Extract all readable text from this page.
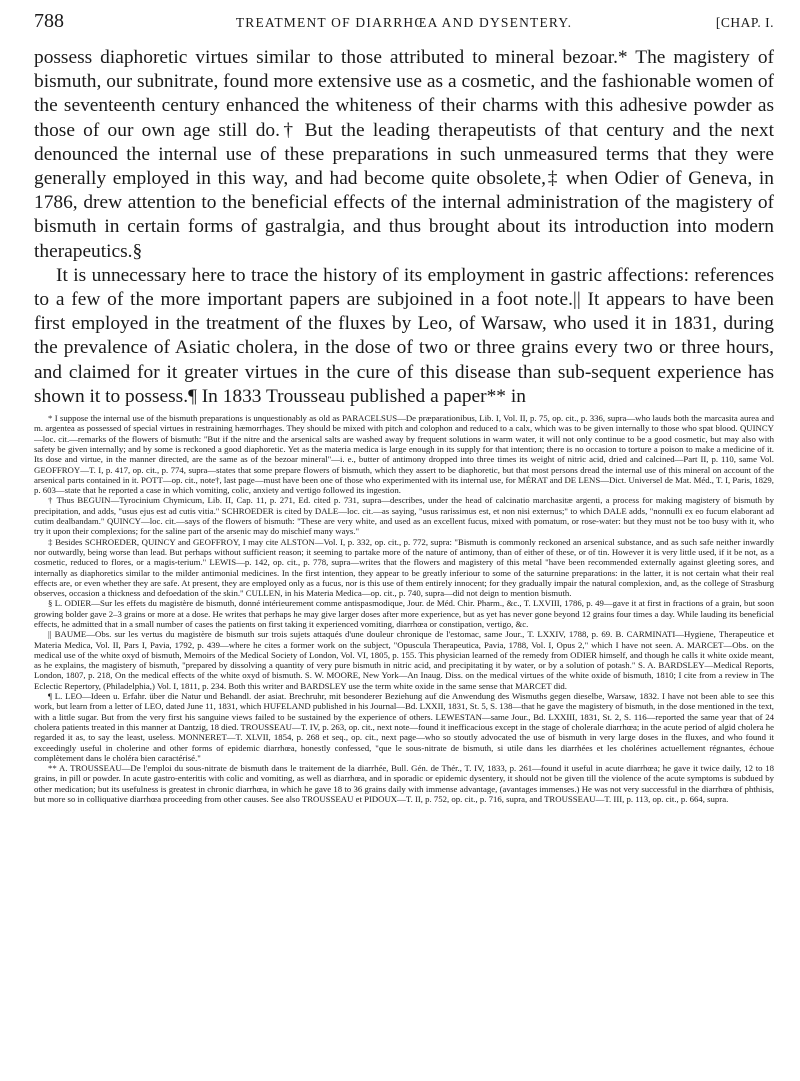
788	TREATMENT OF DIARRHŒA AND DYSENTERY.	[CHAP. I.

possess diaphoretic virtues similar to those attributed to mineral bezoar.* The magistery of bismuth, our subnitrate, found more extensive use as a cosmetic, and the fashionable women of the seventeenth century enhanced the whiteness of their charms with this adhesive powder as those of our own age still do.† But the leading therapeutists of that century and the next denounced the internal use of these preparations in such unmeasured terms that they were generally employed in this way, and had become quite obsolete,‡ when Odier of Geneva, in 1786, drew attention to the beneficial effects of the internal administration of the magistery of bismuth in certain forms of gastralgia, and thus brought about its introduction into modern therapeutics.§

It is unnecessary here to trace the history of its employment in gastric affections: references to a few of the more important papers are subjoined in a foot note.|| It appears to have been first employed in the treatment of the fluxes by Leo, of Warsaw, who used it in 1831, during the prevalence of Asiatic cholera, in the dose of two or three grains every two or three hours, and claimed for it greater virtues in the cure of this disease than sub-sequent experience has shown it to possess.¶ In 1833 Trousseau published a paper** in

* I suppose the internal use of the bismuth preparations is unquestionably as old as PARACELSUS—De præparationibus, Lib. I, Vol. II, p. 75, op. cit., p. 336, supra—who lauds both the marcasita aurea and m. argentea as possessed of special virtues in restraining hæmorrhages. They should be mixed with pitch and colophon and reduced to a calx, which was to be given internally to those who spat blood. QUINCY—loc. cit.—remarks of the flowers of bismuth: "But if the nitre and the arsenical salts are washed away by frequent solutions in warm water, it will not only continue to be a good cosmetic, but may also with safety be given internally; and by some is reckoned a good diaphoretic. Yet as the materia medica is large enough in its supply for that intention; there is no occasion to torture a poison to make a medicine of it. Its dose and virtue, in the manner directed, are the same as of the bezoar mineral"—i. e., butter of antimony dropped into three times its weight of nitric acid, dried and calcined—Part II, p. 110, same Vol. GEOFFROY—T. I, p. 417, op. cit., p. 774, supra—states that some prepare flowers of bismuth, which they assert to be diaphoretic, but that most persons dread the internal use of this mineral on account of the arsenical parts contained in it. POTT—op. cit., note†, last page—must have been one of those who experimented with its internal use, for MÉRAT and DE LENS—Dict. Universel de Mat. Méd., T. I, Paris, 1829, p. 603—state that he reported a case in which vomiting, colic, anxiety and vertigo followed its ingestion.

† Thus BEGUIN—Tyrocinium Chymicum, Lib. II, Cap. 11, p. 271, Ed. cited p. 731, supra—describes, under the head of calcinatio marchasitæ argenti, a process for making magistery of bismuth by precipitation, and adds, "usus ejus est ad cutis vitia." SCHROEDER is cited by DALE—loc. cit.—as saying, "usus rarissimus est, et non nisi externus;" to which DALE adds, "nonnulli ex eo fucum elaborant ad cutim dealbandam." QUINCY—loc. cit.—says of the flowers of bismuth: "These are very white, and used as an excellent fucus, mixed with pomatum, or rose-water: but they must not be too busy with it, who try it upon their complexions; for the saline part of the arsenic may do mischief many ways."

‡ Besides SCHROEDER, QUINCY and GEOFFROY, I may cite ALSTON—Vol. I, p. 332, op. cit., p. 772, supra: "Bismuth is commonly reckoned an arsenical substance, and as such safe neither inwardly nor outwardly, being worse than lead. But perhaps without sufficient reason; it seeming to partake more of the nature of antimony, than of either of these, or of tin. However it is very little used, if it be not, as a cosmetic, reduced to flores, or a magis-terium." LEWIS—p. 142, op. cit., p. 778, supra—writes that the flowers and magistery of this metal "have been recommended externally against gleeting sores, and internally as diaphoretics similar to the milder antimonial medicines. In the first intention, they appear to be greatly inferiour to some of the saturnine preparations: in the latter, it is not certain what their real effects are, or even whether they are safe. At present, they are employed only as a fucus, nor is this use of them entirely innocent; for they gradually impair the natural complexion, and, as the college of Strasburg observes, occasion a thickness and defoedation of the skin." CULLEN, in his Materia Medica—op. cit., p. 740, supra—did not deign to mention bismuth.

§ L. ODIER—Sur les effets du magistère de bismuth, donné intérieurement comme antispasmodique, Jour. de Méd. Chir. Pharm., &c., T. LXVIII, 1786, p. 49—gave it at first in fractions of a grain, but soon growing bolder gave 2–3 grains or more at a dose. He writes that perhaps he may give larger doses after more experience, but as yet has never gone beyond 12 grains four times a day. While lauding its beneficial effects, he admitted that in a small number of cases the patients on first taking it experienced vomiting, diarrhœa or constipation, vertigo, &c.

|| BAUME—Obs. sur les vertus du magistère de bismuth sur trois sujets attaqués d'une douleur chronique de l'estomac, same Jour., T. LXXIV, 1788, p. 69. B. CARMINATI—Hygiene, Therapeutice et Materia Medica, Vol. II, Pars I, Pavia, 1792, p. 439—where he cites a former work on the subject, "Opuscula Therapeutica, Pavia, 1788, Vol. I, Opus 2," which I have not seen. A. MARCET—Obs. on the medical use of the white oxyd of bismuth, Memoirs of the Medical Society of London, Vol. VI, 1805, p. 155. This physician learned of the remedy from ODIER himself, and though he calls it white oxide meant, as he explains, the magistery of bismuth, "prepared by dissolving a quantity of very pure bismuth in nitric acid, and precipitating it by water, or by a solution of potash." S. A. BARDSLEY—Medical Reports, London, 1807, p. 218, On the medical effects of the white oxyd of bismuth. S. W. MOORE, New York—An Inaug. Diss. on the medical virtues of the white oxide of bismuth, 1810; I cite from a review in The Eclectic Repertory, (Philadelphia,) Vol. I, 1811, p. 234. Both this writer and BARDSLEY use the term white oxide in the same sense that MARCET did.

¶ L. LEO—Ideen u. Erfahr. über die Natur und Behandl. der asiat. Brechruhr, mit besonderer Beziehung auf die Anwendung des Wismuths gegen dieselbe, Warsaw, 1832. I have not been able to see this work, but learn from a letter of LEO, dated June 11, 1831, which HUFELAND published in his Journal—Bd. LXXII, 1831, St. 5, S. 138—that he gave the magistery of bismuth, in the dose mentioned in the text, with a little sugar. But from the very first his sanguine views failed to be sustained by the experience of others. LEWESTAN—same Jour., Bd. LXXIII, 1831, St. 2, S. 116—reported the same year that of 24 cholera patients treated in this manner at Dantzig, 18 died. TROUSSEAU—T. IV, p. 263, op. cit., next note—found it inefficacious except in the stage of cholerale diarrhœa; in the acute period of algid cholera he regarded it as, to say the least, useless. MONNERET—T. XLVII, 1854, p. 268 et seq., op. cit., next page—who so stoutly advocated the use of bismuth in very large doses in the fluxes, and who found it exceedingly useful in cholerine and other forms of epidemic diarrhœa, honestly confessed, "que le sous-nitrate de bismuth, si utile dans les diarrhées et les cholérines actuellement régnantes, échoue complètement dans le choléra bien caractérisé."

** A. TROUSSEAU—De l'emploi du sous-nitrate de bismuth dans le traitement de la diarrhée, Bull. Gén. de Thér., T. IV, 1833, p. 261—found it useful in acute diarrhœa; he gave it twice daily, 12 to 18 grains, in pill or powder. In acute gastro-enteritis with colic and vomiting, as well as diarrhœa, and in sporadic or epidemic dysentery, it should not be given till the violence of the acute symptoms is subdued by other medication; but its usefulness is greatest in chronic diarrhœa, in which he gave 18 to 36 grains daily with immense advantage, (avantages immenses.) He was not very successful in the diarrhœa of phthisis, but more so in colliquative diarrhœa proceeding from other causes. See also TROUSSEAU et PIDOUX—T. II, p. 752, op. cit., p. 716, supra, and TROUSSEAU—T. III, p. 113, op. cit., p. 664, supra.
